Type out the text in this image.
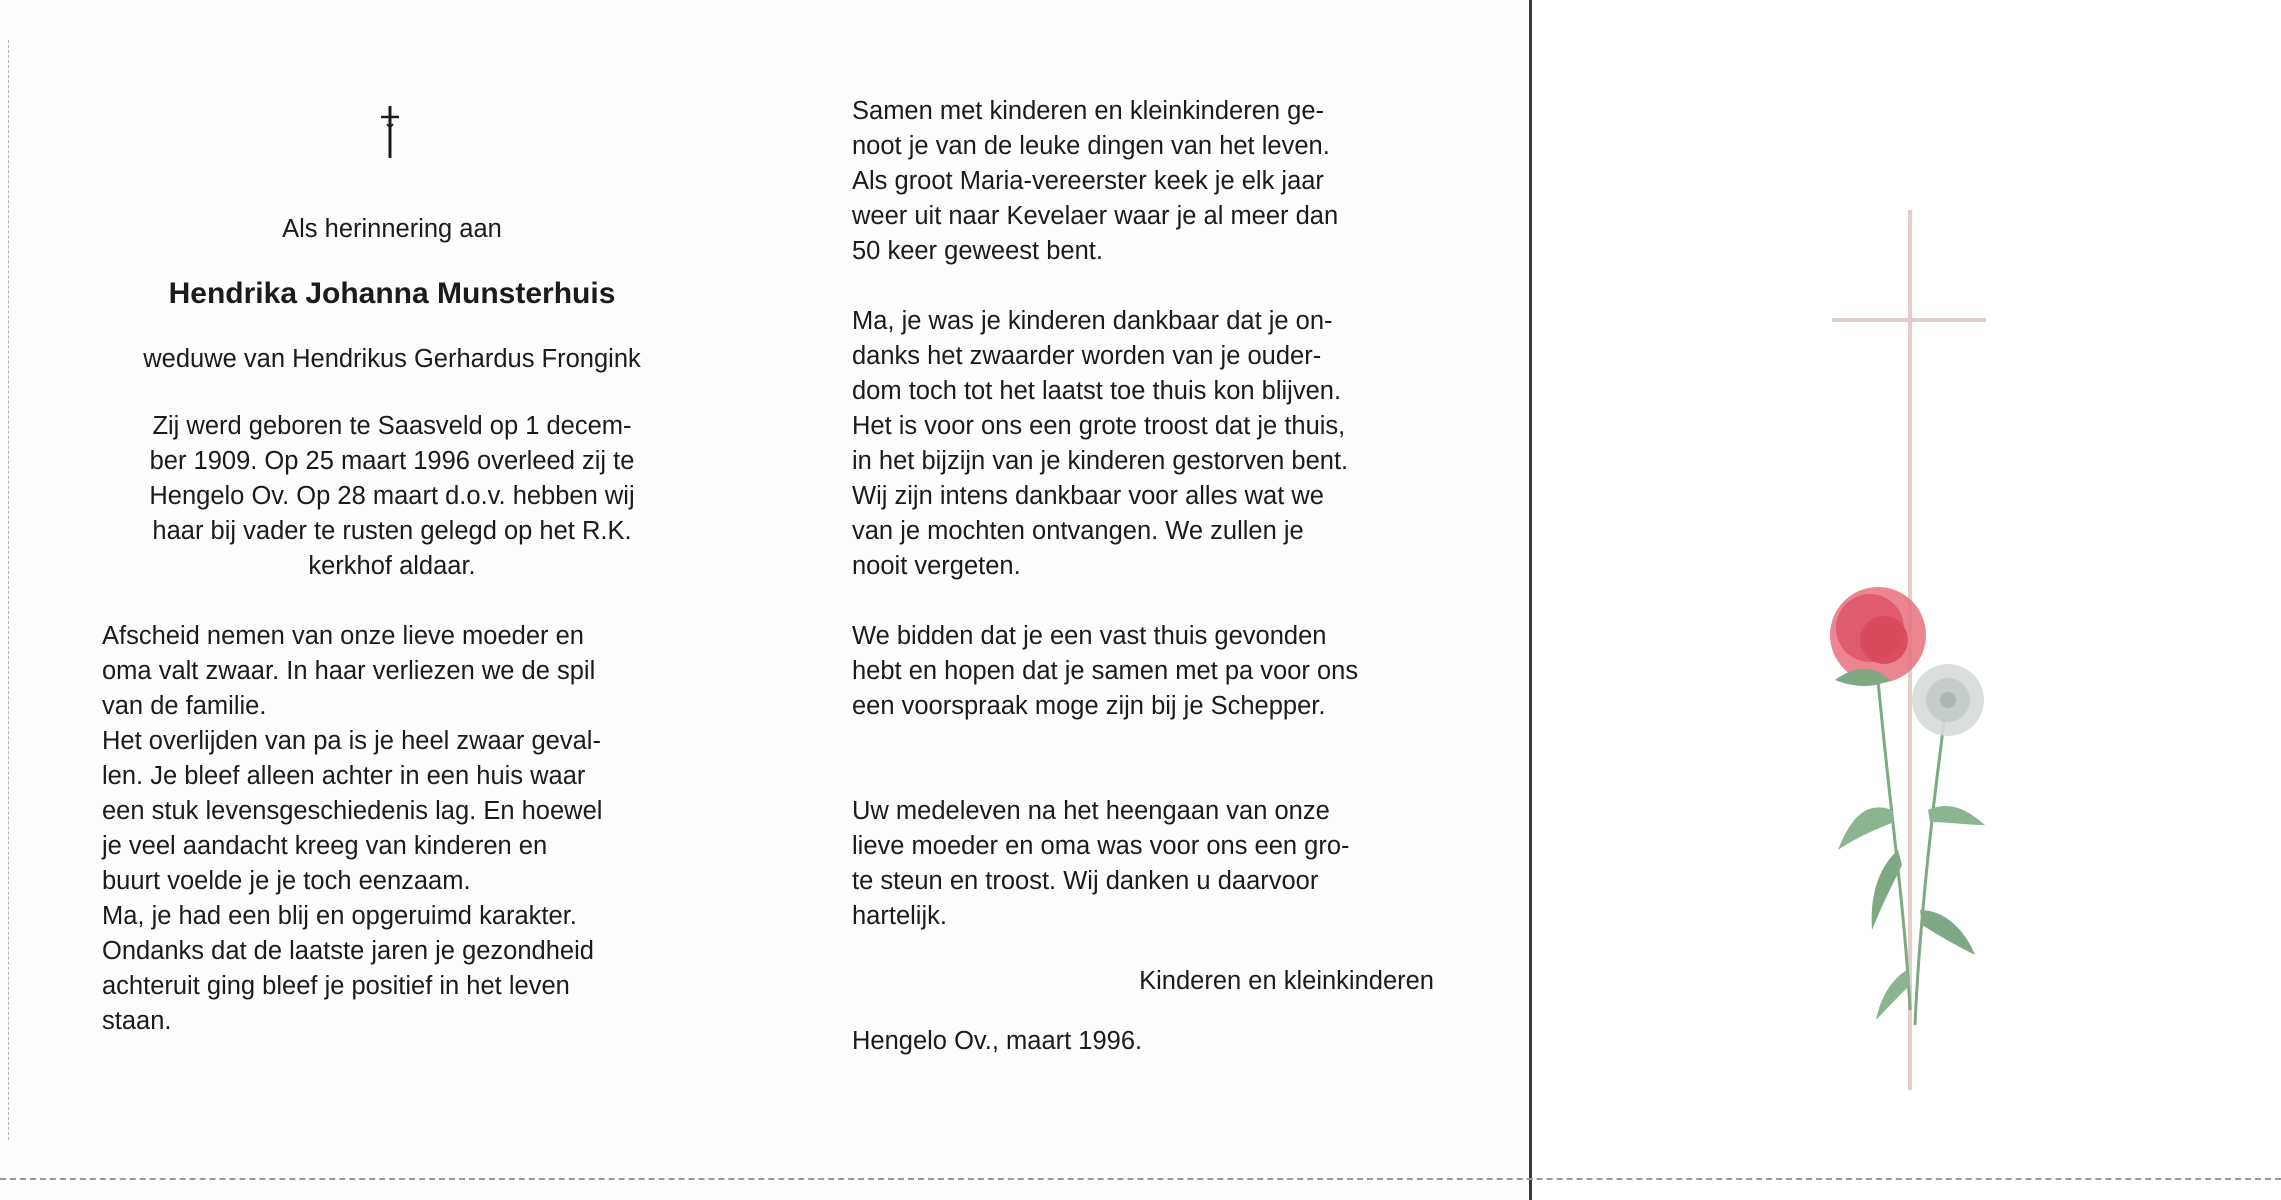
Als herinnering aan

Hendrika Johanna Munsterhuis

weduwe van Hendrikus Gerhardus Frongink

Zij werd geboren te Saasveld op 1 decem-

ber 1909. Op 25 maart 1996 overleed zij te

Hengelo Ov. Op 28 maart d.o.v. hebben wij

haar bij vader te rusten gelegd op het R.K.

kerkhof aldaar.

Afscheid nemen van onze lieve moeder en

oma valt zwaar. In haar verliezen we de spil

van de familie.

Het overlijden van pa is je heel zwaar geval-

len. Je bleef alleen achter in een huis waar

een stuk levensgeschiedenis lag. En hoewel

je veel aandacht kreeg van kinderen en

buurt voelde je je toch eenzaam.

Ma, je had een blij en opgeruimd karakter.

Ondanks dat de laatste jaren je gezondheid

achteruit ging bleef je positief in het leven

staan.

Samen met kinderen en kleinkinderen ge-

noot je van de leuke dingen van het leven.

Als groot Maria-vereerster keek je elk jaar

weer uit naar Kevelaer waar je al meer dan

50 keer geweest bent.

Ma, je was je kinderen dankbaar dat je on-

danks het zwaarder worden van je ouder-

dom toch tot het laatst toe thuis kon blijven.

Het is voor ons een grote troost dat je thuis,

in het bijzijn van je kinderen gestorven bent.

Wij zijn intens dankbaar voor alles wat we

van je mochten ontvangen. We zullen je

nooit vergeten.

We bidden dat je een vast thuis gevonden

hebt en hopen dat je samen met pa voor ons

een voorspraak moge zijn bij je Schepper.

Uw medeleven na het heengaan van onze

lieve moeder en oma was voor ons een gro-

te steun en troost. Wij danken u daarvoor

hartelijk.

Kinderen en kleinkinderen

Hengelo Ov., maart 1996.
